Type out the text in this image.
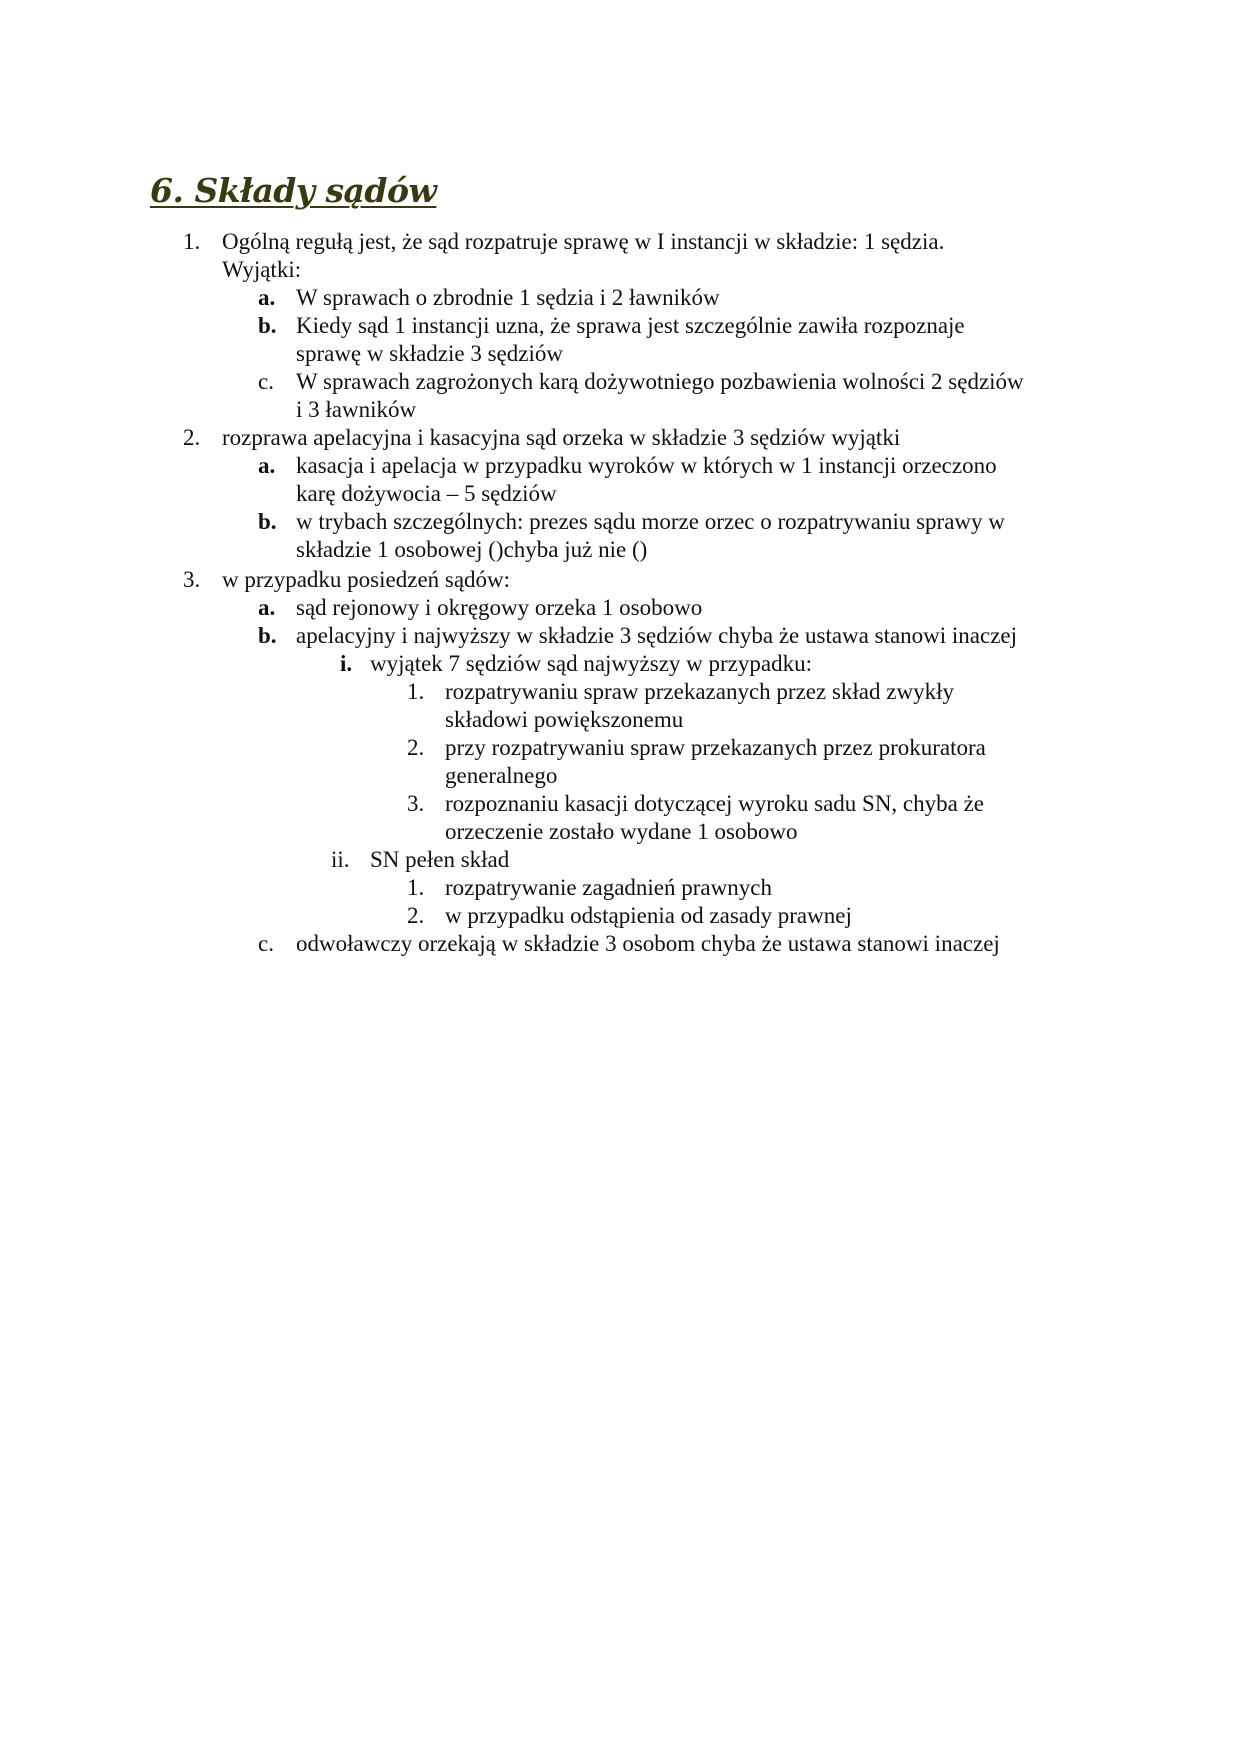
6. Składy sądów
1. Ogólną regułą jest, że sąd rozpatruje sprawę w I instancji w składzie: 1 sędzia.

Wyjątki:

a. W sprawach o zbrodnie 1 sędzia i 2 ławników

b. Kiedy sąd 1 instancji uzna, że sprawa jest szczególnie zawiła rozpoznaje

sprawę w składzie 3 sędziów

c. W sprawach zagrożonych karą dożywotniego pozbawienia wolności 2 sędziów

i 3 ławników

2. rozprawa apelacyjna i kasacyjna sąd orzeka w składzie 3 sędziów wyjątki

a. kasacja i apelacja w przypadku wyroków w których w 1 instancji orzeczono

karę dożywocia – 5 sędziów

b. w trybach szczególnych: prezes sądu morze orzec o rozpatrywaniu sprawy w

składzie 1 osobowej ()chyba już nie ()

3. w przypadku posiedzeń sądów:

a. sąd rejonowy i okręgowy orzeka 1 osobowo

b. apelacyjny i najwyższy w składzie 3 sędziów chyba że ustawa stanowi inaczej

i. wyjątek 7 sędziów sąd najwyższy w przypadku:

1. rozpatrywaniu spraw przekazanych przez skład zwykły

składowi powiększonemu

2. przy rozpatrywaniu spraw przekazanych przez prokuratora

generalnego

3. rozpoznaniu kasacji dotyczącej wyroku sadu SN, chyba że

orzeczenie zostało wydane 1 osobowo

ii. SN pełen skład

1. rozpatrywanie zagadnień prawnych

2. w przypadku odstąpienia od zasady prawnej

c. odwoławczy orzekają w składzie 3 osobom chyba że ustawa stanowi inaczej
